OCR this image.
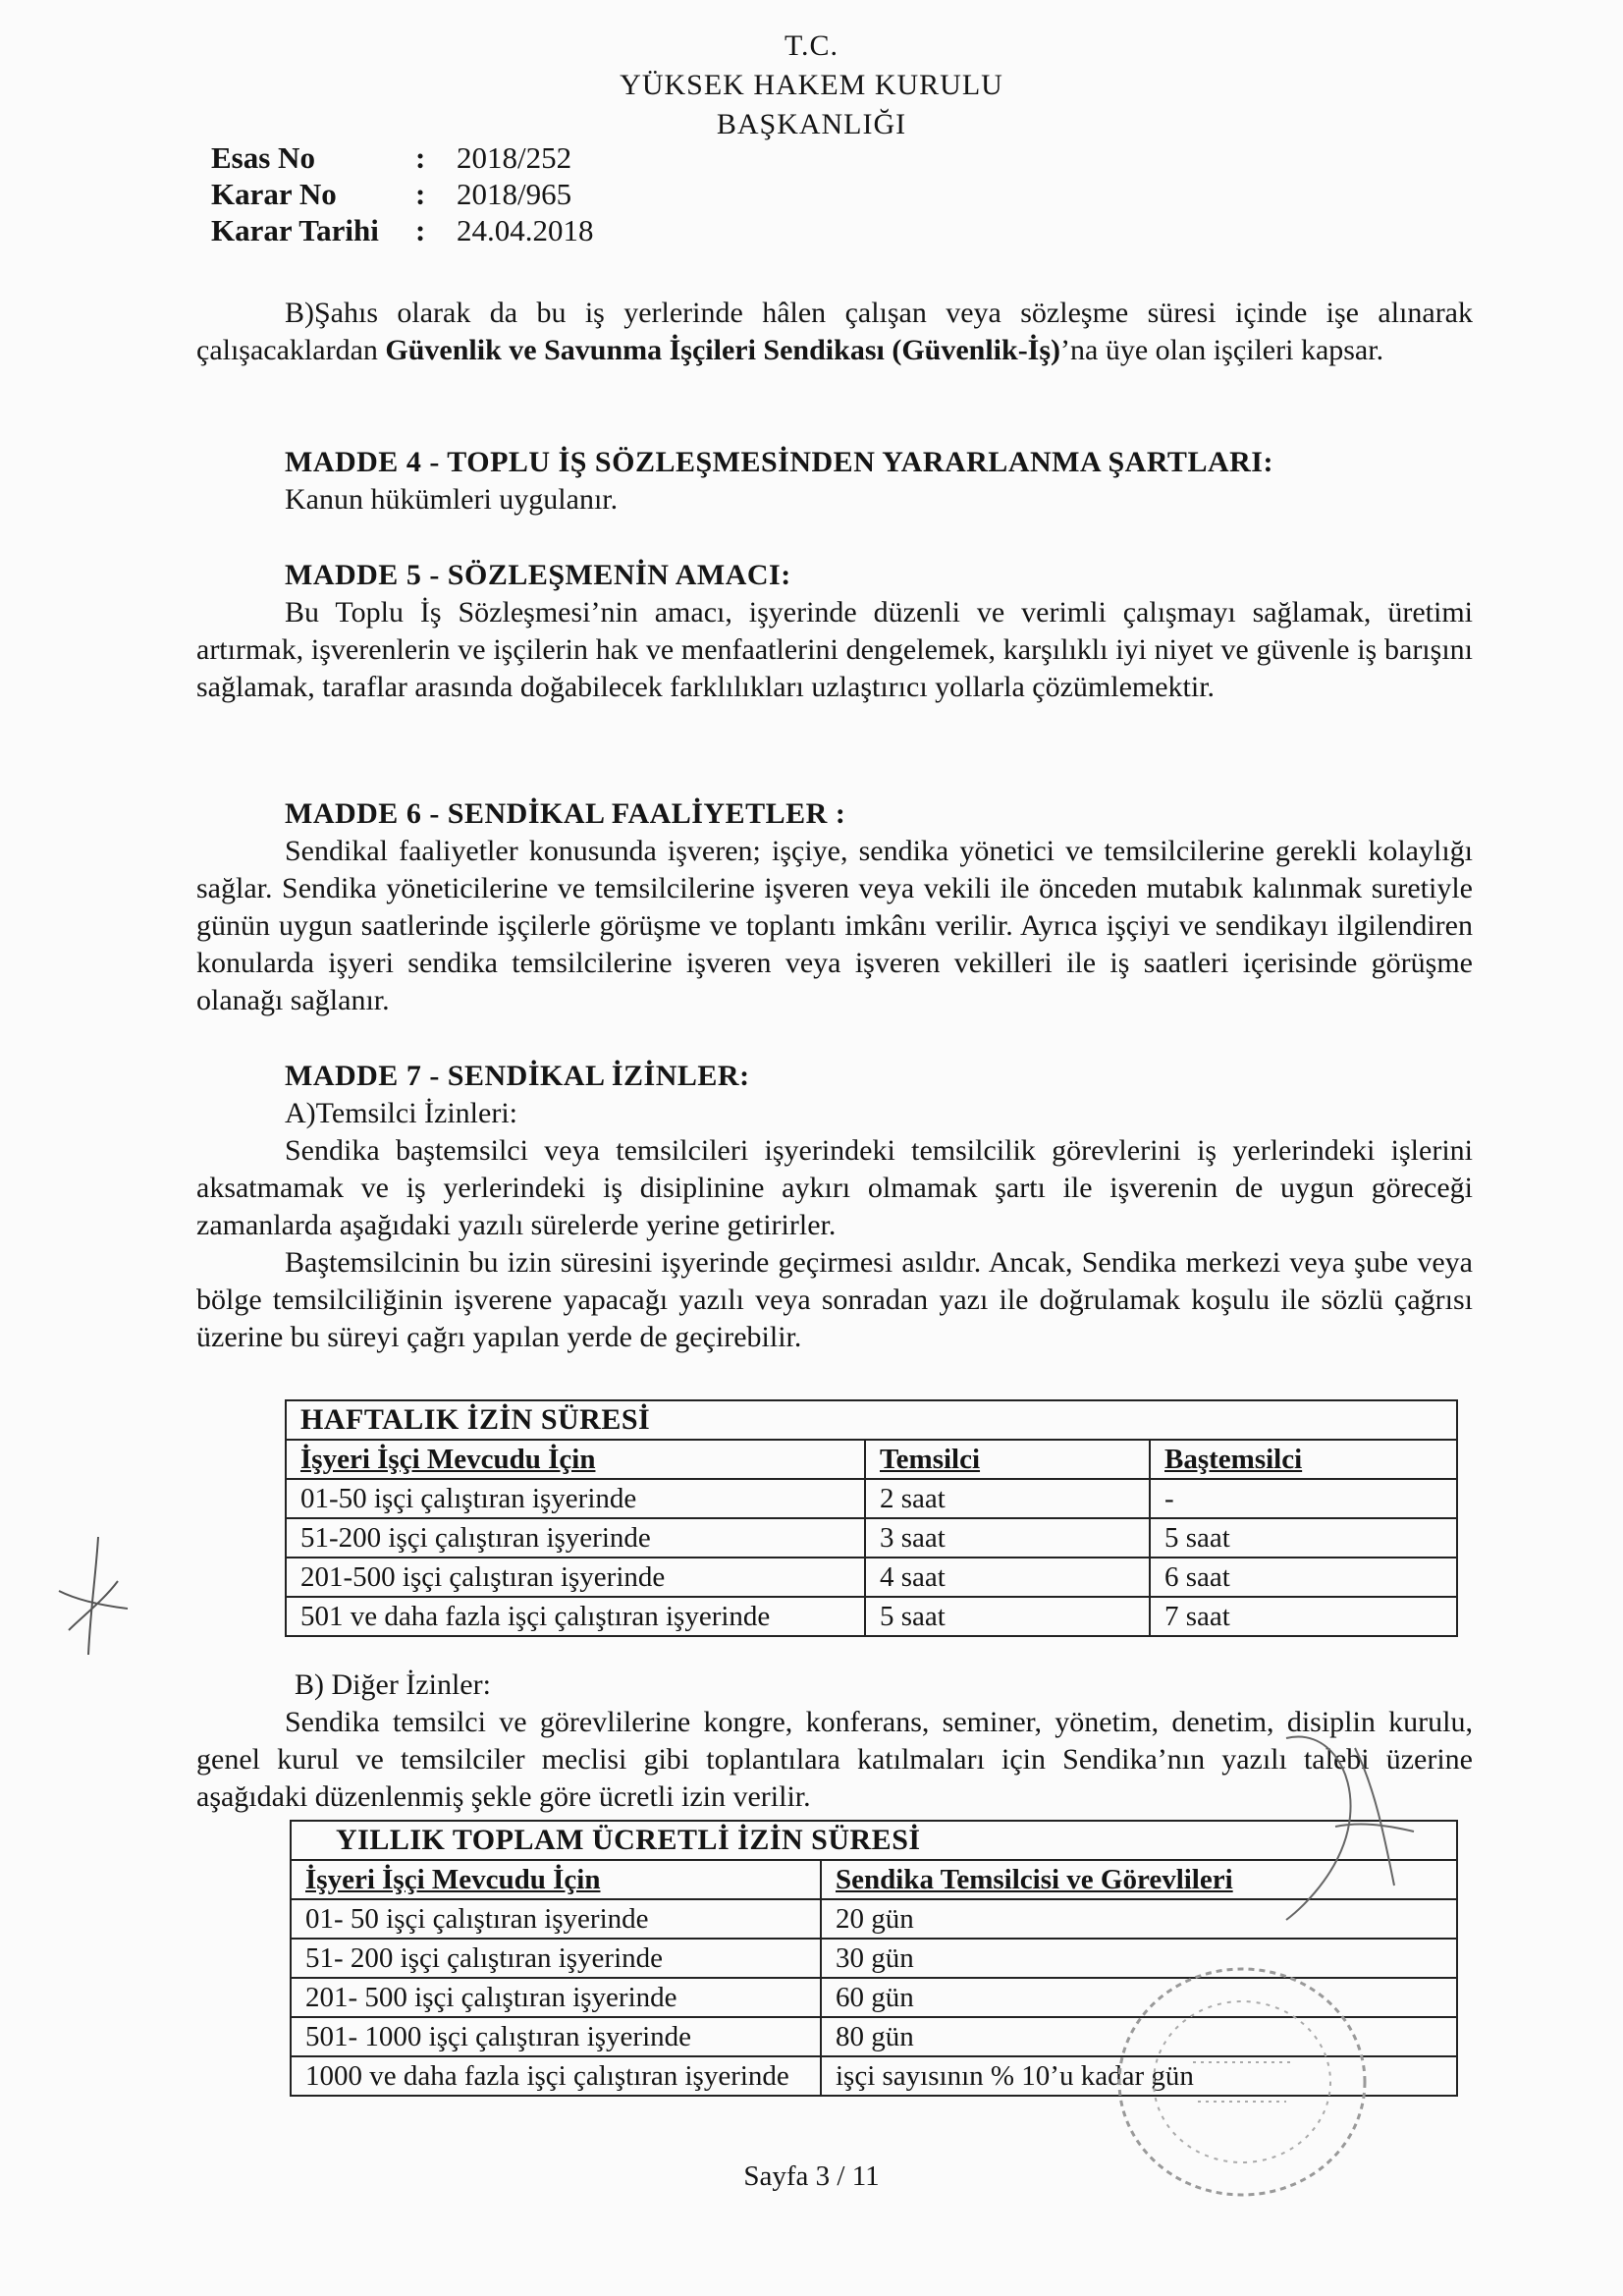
T.C.
YÜKSEK HAKEM KURULU
BAŞKANLIĞI
Esas No	:	2018/252
Karar No	:	2018/965
Karar Tarihi	:	24.04.2018

B)Şahıs olarak da bu iş yerlerinde hâlen çalışan veya sözleşme süresi içinde işe alınarak çalışacaklardan Güvenlik ve Savunma İşçileri Sendikası (Güvenlik-İş)’na üye olan işçileri kapsar.

MADDE 4 - TOPLU İŞ SÖZLEŞMESİNDEN YARARLANMA ŞARTLARI:

Kanun hükümleri uygulanır.

MADDE 5 - SÖZLEŞMENİN AMACI:

Bu Toplu İş Sözleşmesi’nin amacı, işyerinde düzenli ve verimli çalışmayı sağlamak, üretimi artırmak, işverenlerin ve işçilerin hak ve menfaatlerini dengelemek, karşılıklı iyi niyet ve güvenle iş barışını sağlamak, taraflar arasında doğabilecek farklılıkları uzlaştırıcı yollarla çözümlemektir.

MADDE 6 - SENDİKAL FAALİYETLER :

Sendikal faaliyetler konusunda işveren; işçiye, sendika yönetici ve temsilcilerine gerekli kolaylığı sağlar. Sendika yöneticilerine ve temsilcilerine işveren veya vekili ile önceden mutabık kalınmak suretiyle günün uygun saatlerinde işçilerle görüşme ve toplantı imkânı verilir. Ayrıca işçiyi ve sendikayı ilgilendiren konularda işyeri sendika temsilcilerine işveren veya işveren vekilleri ile iş saatleri içerisinde görüşme olanağı sağlanır.

MADDE 7 - SENDİKAL İZİNLER:
A)Temsilci İzinleri:

Sendika baştemsilci veya temsilcileri işyerindeki temsilcilik görevlerini iş yerlerindeki işlerini aksatmamak ve iş yerlerindeki iş disiplinine aykırı olmamak şartı ile işverenin de uygun göreceği zamanlarda aşağıdaki yazılı sürelerde yerine getirirler.

Baştemsilcinin bu izin süresini işyerinde geçirmesi asıldır. Ancak, Sendika merkezi veya şube veya bölge temsilciliğinin işverene yapacağı yazılı veya sonradan yazı ile doğrulamak koşulu ile sözlü çağrısı üzerine bu süreyi çağrı yapılan yerde de geçirebilir.

HAFTALIK İZİN SÜRESİ		
İşyeri İşçi Mevcudu İçin	Temsilci	Baştemsilci
01-50 işçi çalıştıran işyerinde	2 saat	-
51-200 işçi çalıştıran işyerinde	3 saat	5 saat
201-500 işçi çalıştıran işyerinde	4 saat	6 saat
501 ve daha fazla işçi çalıştıran işyerinde	5 saat	7 saat
B) Diğer İzinler:

Sendika temsilci ve görevlilerine kongre, konferans, seminer, yönetim, denetim, disiplin kurulu, genel kurul ve temsilciler meclisi gibi toplantılara katılmaları için Sendika’nın yazılı talebi üzerine aşağıdaki düzenlenmiş şekle göre ücretli izin verilir.

YILLIK TOPLAM ÜCRETLİ İZİN SÜRESİ	
İşyeri İşçi Mevcudu İçin	Sendika Temsilcisi ve Görevlileri
01- 50 işçi çalıştıran işyerinde	20 gün
51- 200 işçi çalıştıran işyerinde	30 gün
201- 500 işçi çalıştıran işyerinde	60 gün
501- 1000 işçi çalıştıran işyerinde	80 gün
1000 ve daha fazla işçi çalıştıran işyerinde	işçi sayısının % 10’u kadar gün
Sayfa 3 / 11
